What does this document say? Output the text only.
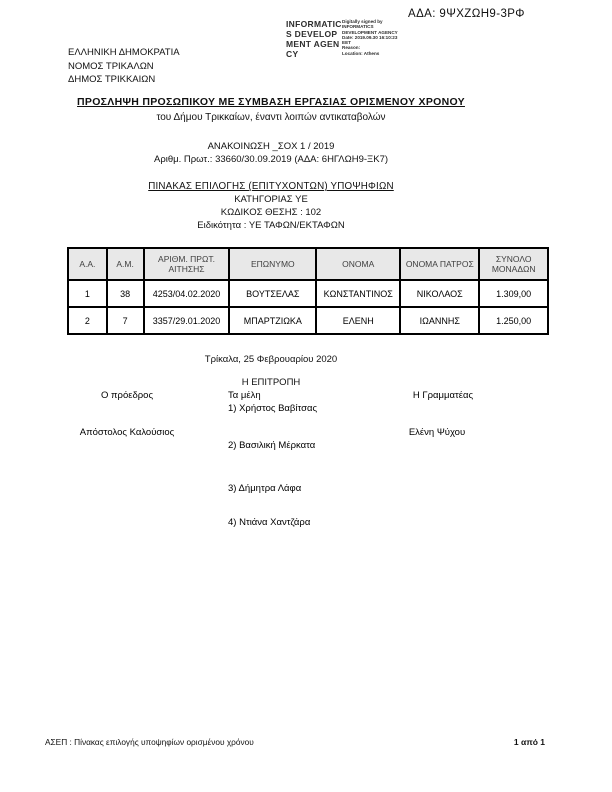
ΑΔΑ: 9ΨΧΖΩΗ9-3ΡΦ
INFORMATICS DEVELOPMENT AGENCY
Digitally signed by
INFORMATICS
DEVELOPMENT AGENCY
Date: 2019.09.30 16:10:23
EET
Reason:
Location: Athens
ΕΛΛΗΝΙΚΗ ΔΗΜΟΚΡΑΤΙΑ
ΝΟΜΟΣ ΤΡΙΚΑΛΩΝ
ΔΗΜΟΣ ΤΡΙΚΚΑΙΩΝ
ΠΡΟΣΛΗΨΗ ΠΡΟΣΩΠΙΚΟΥ ΜΕ ΣΥΜΒΑΣΗ ΕΡΓΑΣΙΑΣ ΟΡΙΣΜΕΝΟΥ ΧΡΟΝΟΥ
του Δήμου Τρικκαίων, έναντι λοιπών αντικαταβολών
ΑΝΑΚΟΙΝΩΣΗ _ΣΟΧ 1 / 2019
Αριθμ. Πρωτ.: 33660/30.09.2019 (ΑΔΑ: 6ΗΓΛΩΗ9-ΞΚ7)
ΠΙΝΑΚΑΣ ΕΠΙΛΟΓΗΣ (ΕΠΙΤΥΧΟΝΤΩΝ) ΥΠΟΨΗΦΙΩΝ
ΚΑΤΗΓΟΡΙΑΣ ΥΕ
ΚΩΔΙΚΟΣ ΘΕΣΗΣ : 102
Ειδικότητα : ΥΕ ΤΑΦΩΝ/ΕΚΤΑΦΩΝ
Α.Α.	Α.Μ.	ΑΡΙΘΜ. ΠΡΩΤ. ΑΙΤΗΣΗΣ	ΕΠΩΝΥΜΟ	ΟΝΟΜΑ	ΟΝΟΜΑ ΠΑΤΡΟΣ	ΣΥΝΟΛΟ ΜΟΝΑΔΩΝ
1	38	4253/04.02.2020	ΒΟΥΤΣΕΛΑΣ	ΚΩΝΣΤΑΝΤΙΝΟΣ	ΝΙΚΟΛΑΟΣ	1.309,00
2	7	3357/29.01.2020	ΜΠΑΡΤΖΙΩΚΑ	ΕΛΕΝΗ	ΙΩΑΝΝΗΣ	1.250,00
Τρίκαλα, 25 Φεβρουαρίου 2020
Η ΕΠΙΤΡΟΠΗ
Ο πρόεδρος	Τα μέλη	Η Γραμματέας
1) Χρήστος Βαβίτσας
Απόστολος Καλούσιος	Ελένη Ψύχου
2) Βασιλική Μέρκατα
3) Δήμητρα Λάφα
4) Ντιάνα Χαντζάρα
ΑΣΕΠ : Πίνακας επιλογής υποψηφίων ορισμένου χρόνου	1 από 1
